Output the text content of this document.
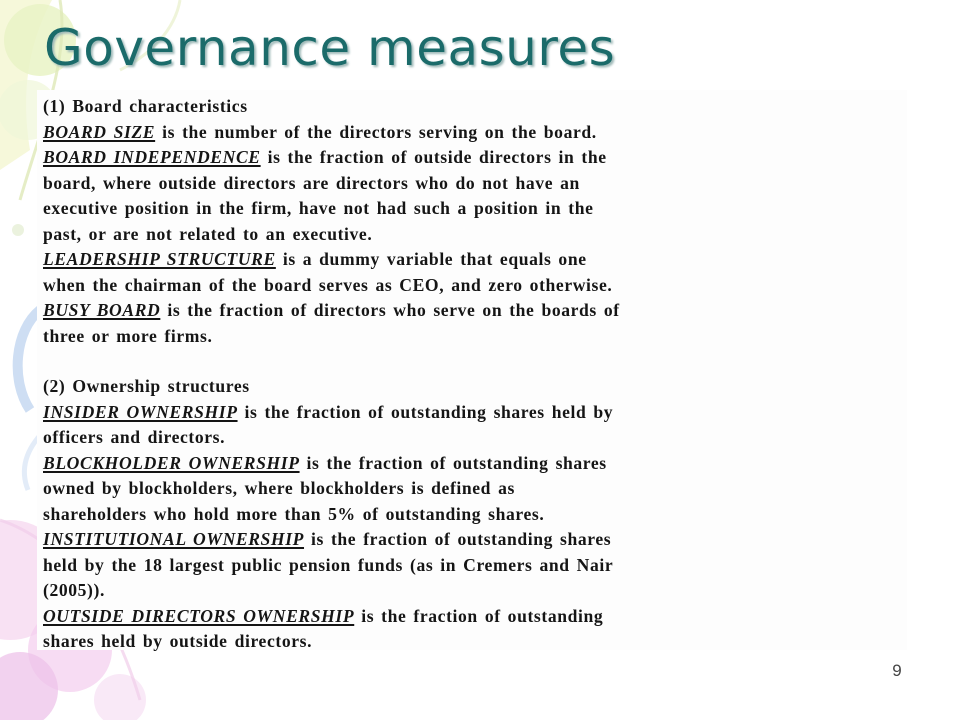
Governance measures
(1) Board characteristics
BOARD SIZE is the number of the directors serving on the board.
BOARD INDEPENDENCE is the fraction of outside directors in the
board, where outside directors are directors who do not have an
executive position in the firm, have not had such a position in the
past, or are not related to an executive.
LEADERSHIP STRUCTURE is a dummy variable that equals one
when the chairman of the board serves as CEO, and zero otherwise.
BUSY BOARD is the fraction of directors who serve on the boards of
three or more firms.
(2) Ownership structures
INSIDER OWNERSHIP is the fraction of outstanding shares held by
officers and directors.
BLOCKHOLDER OWNERSHIP is the fraction of outstanding shares
owned by blockholders, where blockholders is defined as
shareholders who hold more than 5% of outstanding shares.
INSTITUTIONAL OWNERSHIP is the fraction of outstanding shares
held by the 18 largest public pension funds (as in Cremers and Nair
(2005)).
OUTSIDE DIRECTORS OWNERSHIP is the fraction of outstanding
shares held by outside directors.
9
